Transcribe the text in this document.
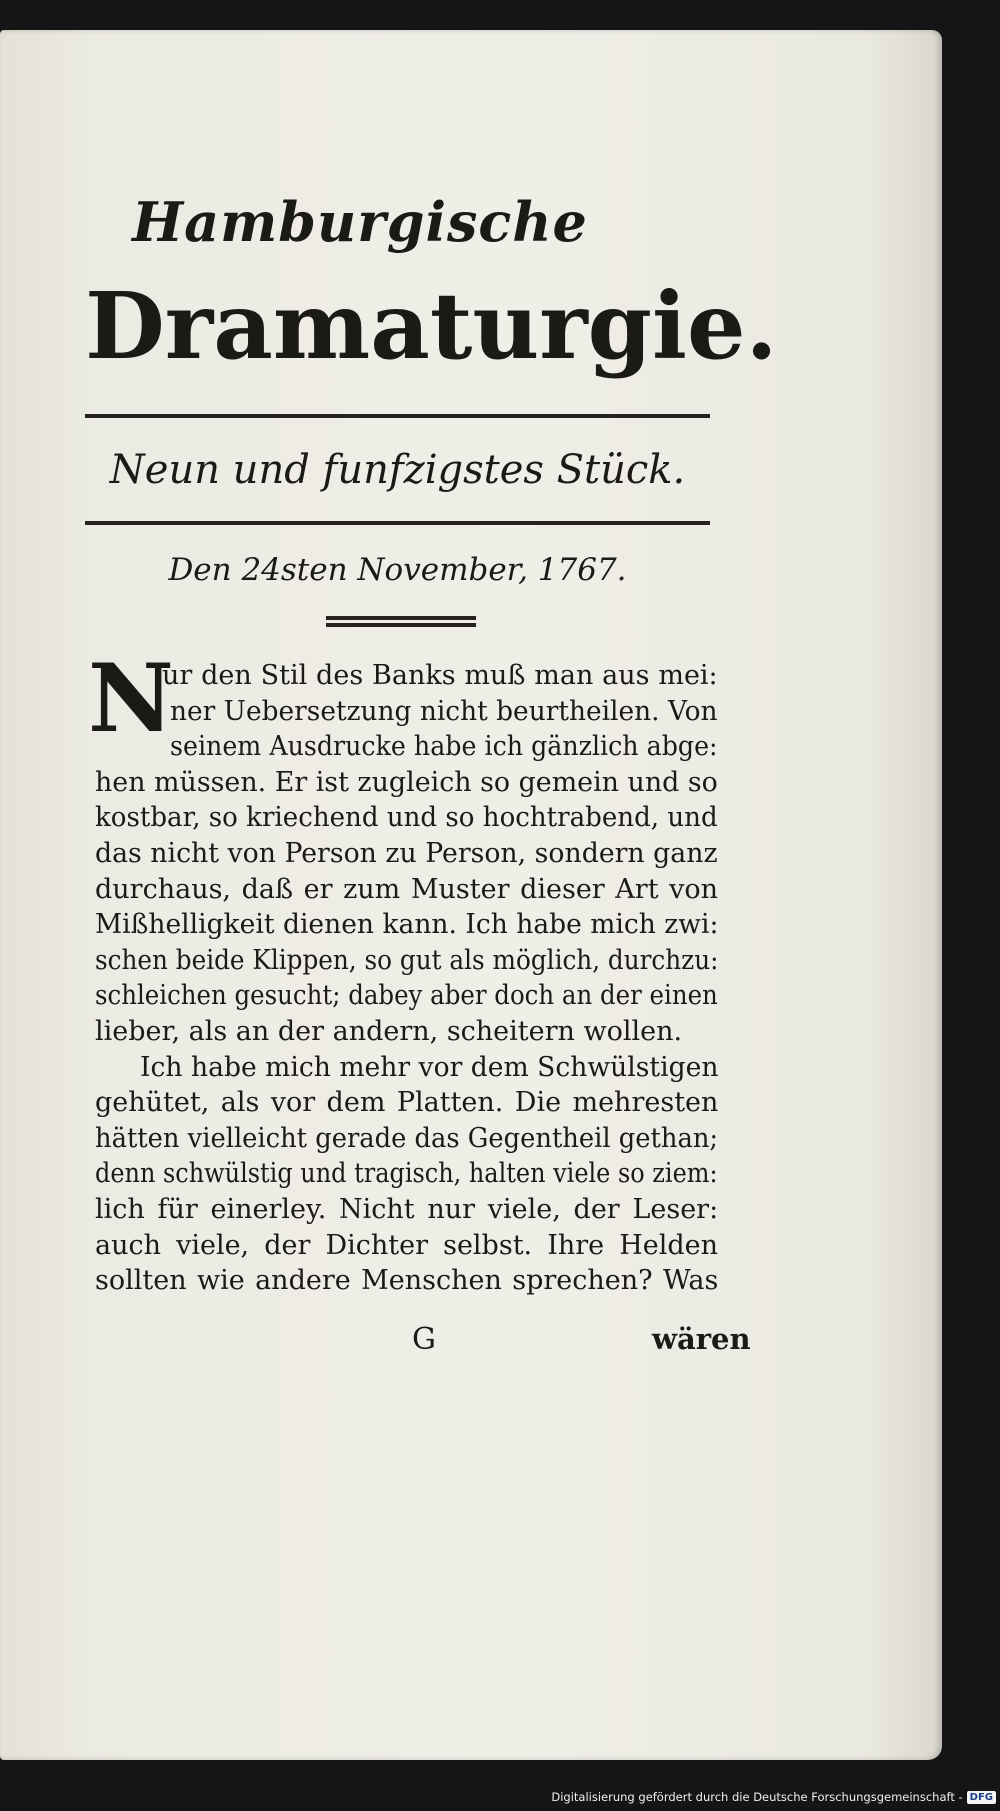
Hamburgische
Dramaturgie.
Neun und funfzigstes Stück.
Den 24sten November, 1767.
N
ur den Stil des Banks muß man aus mei:
ner Uebersetzung nicht beurtheilen. Von
seinem Ausdrucke habe ich gänzlich abge:
hen müssen. Er ist zugleich so gemein und so
kostbar, so kriechend und so hochtrabend, und
das nicht von Person zu Person, sondern ganz
durchaus, daß er zum Muster dieser Art von
Mißhelligkeit dienen kann. Ich habe mich zwi:
schen beide Klippen, so gut als möglich, durchzu:
schleichen gesucht; dabey aber doch an der einen
lieber, als an der andern, scheitern wollen.
Ich habe mich mehr vor dem Schwülstigen
gehütet, als vor dem Platten. Die mehresten
hätten vielleicht gerade das Gegentheil gethan;
denn schwülstig und tragisch, halten viele so ziem:
lich für einerley. Nicht nur viele, der Leser:
auch viele, der Dichter selbst. Ihre Helden
sollten wie andere Menschen sprechen? Was
G	wären
Digitalisierung gefördert durch die Deutsche Forschungsgemeinschaft - DFG
